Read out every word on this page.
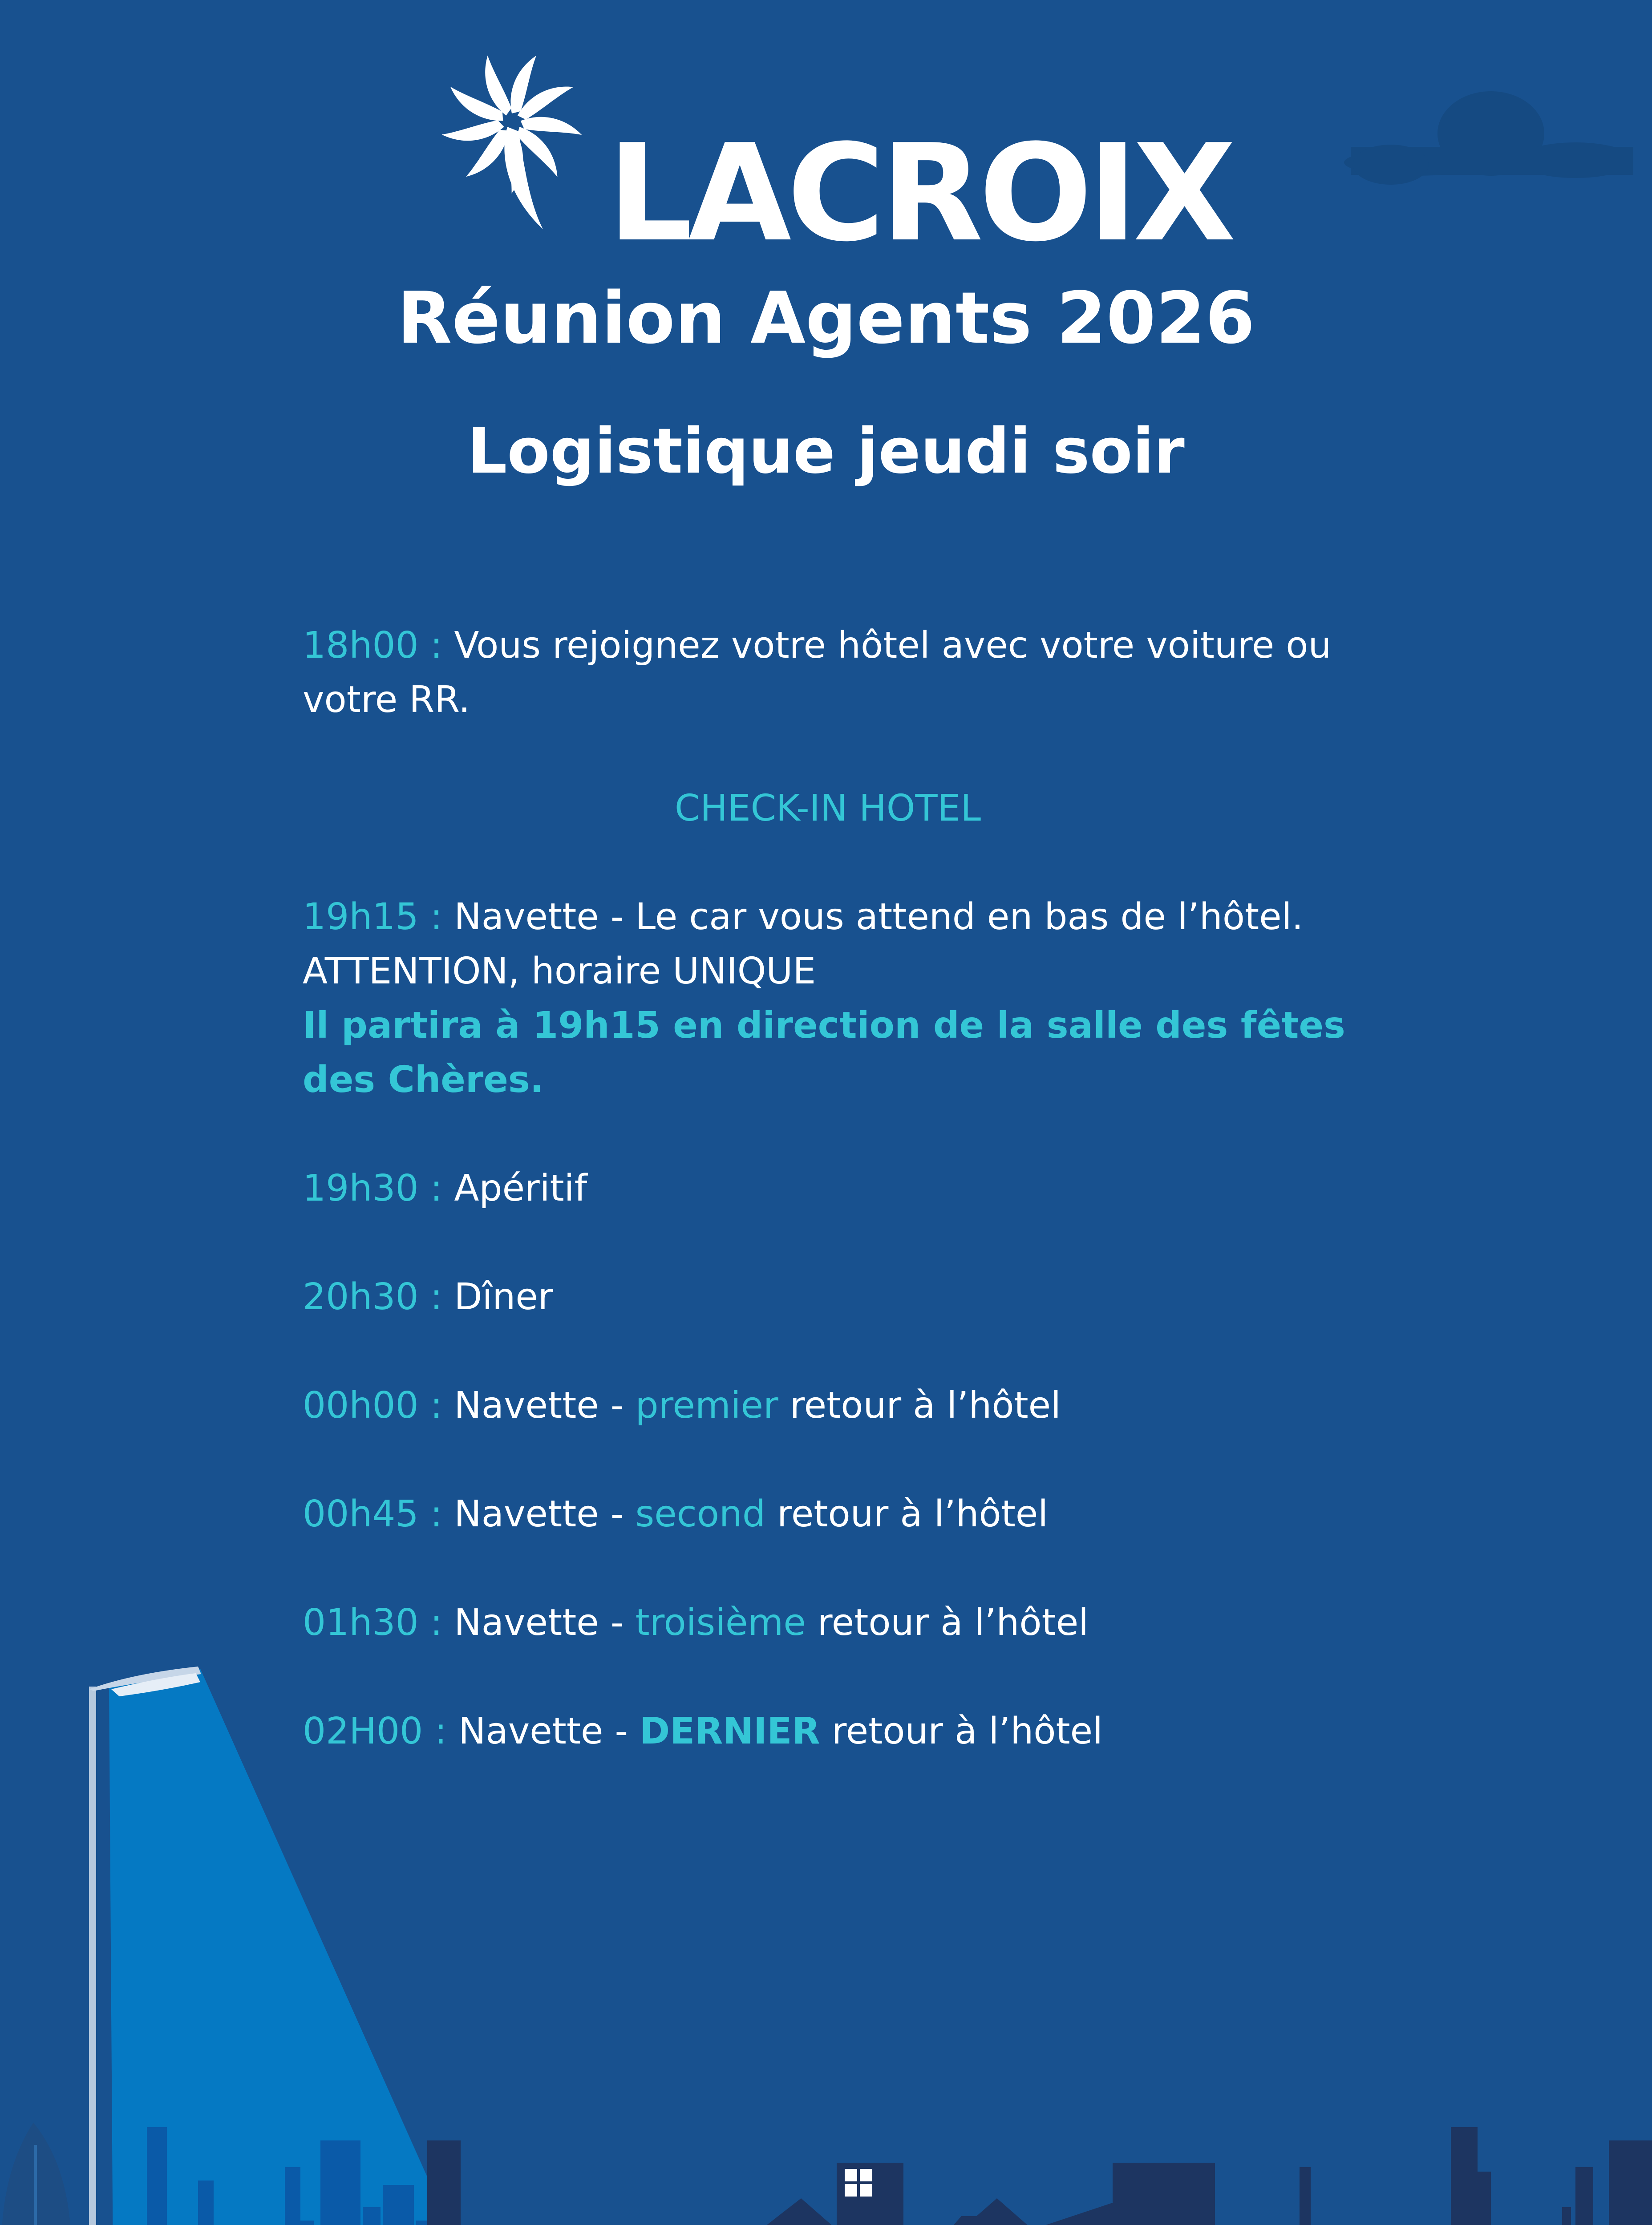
LACROIX
Réunion Agents 2026
Logistique jeudi soir

18h00 : Vous rejoignez votre hôtel avec votre voiture ou votre RR.

CHECK-IN HOTEL

19h15 : Navette - Le car vous attend en bas de l’hôtel.

ATTENTION, horaire UNIQUE

Il partira à 19h15 en direction de la salle des fêtes des Chères.

19h30 : Apéritif

20h30 : Dîner

00h00 : Navette - premier retour à l’hôtel

00h45 : Navette - second retour à l’hôtel

01h30 : Navette - troisième retour à l’hôtel

02H00 : Navette - DERNIER retour à l’hôtel
